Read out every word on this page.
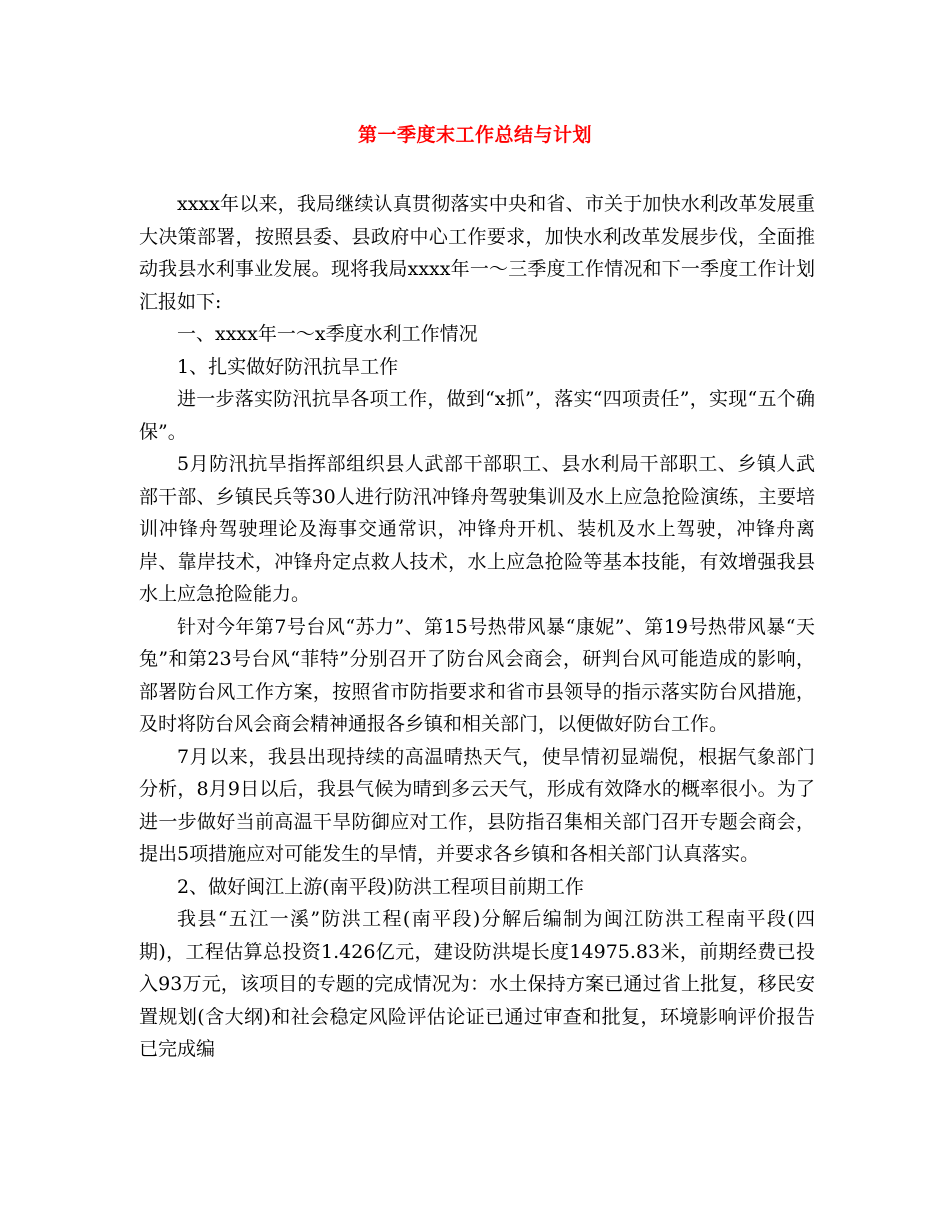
第一季度末工作总结与计划

xxxx年以来，我局继续认真贯彻落实中央和省、市关于加快水利改革发展重大决策部署，按照县委、县政府中心工作要求，加快水利改革发展步伐，全面推动我县水利事业发展。现将我局xxxx年一～三季度工作情况和下一季度工作计划汇报如下:

一、xxxx年一～x季度水利工作情况

1、扎实做好防汛抗旱工作

进一步落实防汛抗旱各项工作，做到“x抓”，落实“四项责任”，实现“五个确保”。

5月防汛抗旱指挥部组织县人武部干部职工、县水利局干部职工、乡镇人武部干部、乡镇民兵等30人进行防汛冲锋舟驾驶集训及水上应急抢险演练，主要培训冲锋舟驾驶理论及海事交通常识，冲锋舟开机、装机及水上驾驶，冲锋舟离岸、靠岸技术，冲锋舟定点救人技术，水上应急抢险等基本技能，有效增强我县水上应急抢险能力。

针对今年第7号台风“苏力”、第15号热带风暴“康妮”、第19号热带风暴“天兔”和第23号台风“菲特”分别召开了防台风会商会，研判台风可能造成的影响，部署防台风工作方案，按照省市防指要求和省市县领导的指示落实防台风措施，及时将防台风会商会精神通报各乡镇和相关部门，以便做好防台工作。

7月以来，我县出现持续的高温晴热天气，使旱情初显端倪，根据气象部门分析，8月9日以后，我县气候为晴到多云天气，形成有效降水的概率很小。为了进一步做好当前高温干旱防御应对工作，县防指召集相关部门召开专题会商会，提出5项措施应对可能发生的旱情，并要求各乡镇和各相关部门认真落实。

2、做好闽江上游(南平段)防洪工程项目前期工作

我县“五江一溪”防洪工程(南平段)分解后编制为闽江防洪工程南平段(四期)，工程估算总投资1.426亿元，建设防洪堤长度14975.83米，前期经费已投入93万元，该项目的专题的完成情况为：水土保持方案已通过省上批复，移民安置规划(含大纲)和社会稳定风险评估论证已通过审查和批复，环境影响评价报告已完成编
